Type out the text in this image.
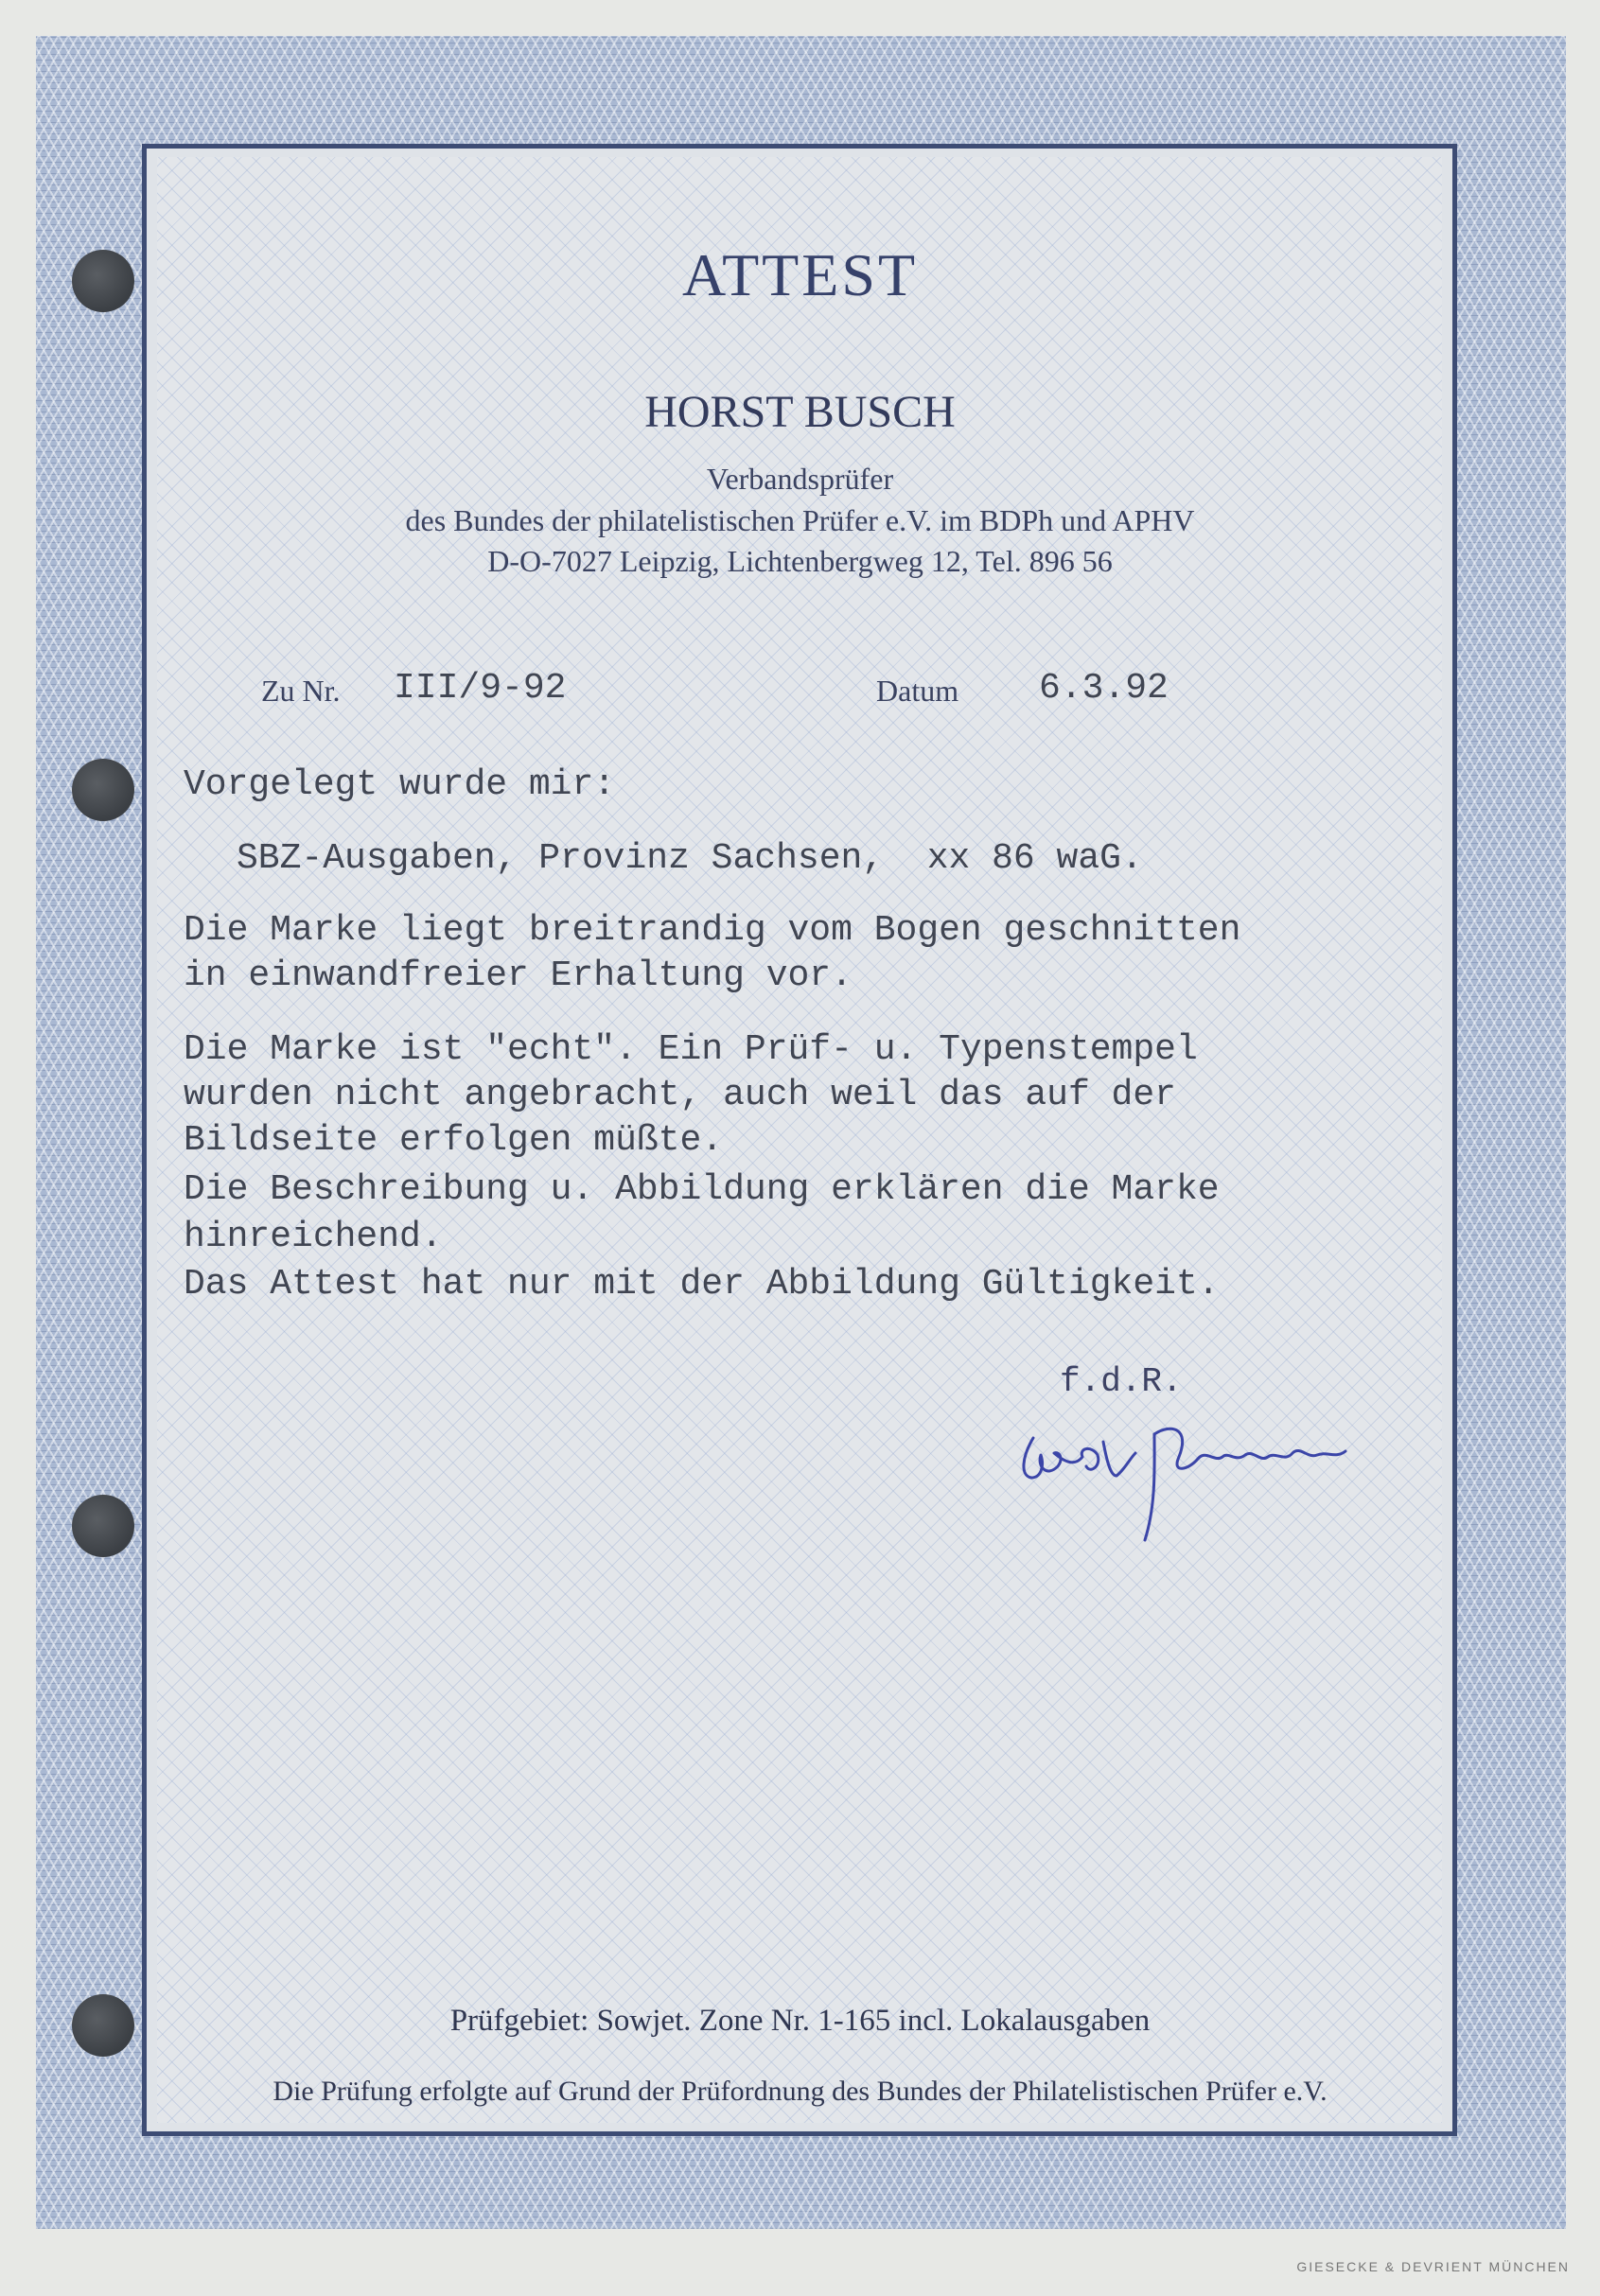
ATTEST
HORST BUSCH
Verbandsprüfer
des Bundes der philatelistischen Prüfer e.V. im BDPh und APHV
D-O-7027 Leipzig, Lichtenbergweg 12, Tel. 896 56
Zu Nr. III/9-92	Datum 6.3.92
Vorgelegt wurde mir:
SBZ-Ausgaben, Provinz Sachsen,  xx 86 waG.
Die Marke liegt breitrandig vom Bogen geschnitten
in einwandfreier Erhaltung vor.
Die Marke ist "echt". Ein Prüf- u. Typenstempel
wurden nicht angebracht, auch weil das auf der
Bildseite erfolgen müßte.
Die Beschreibung u. Abbildung erklären die Marke
hinreichend.
Das Attest hat nur mit der Abbildung Gültigkeit.
f.d.R.
Prüfgebiet: Sowjet. Zone Nr. 1-165 incl. Lokalausgaben
Die Prüfung erfolgte auf Grund der Prüfordnung des Bundes der Philatelistischen Prüfer e.V.
GIESECKE & DEVRIENT MÜNCHEN
